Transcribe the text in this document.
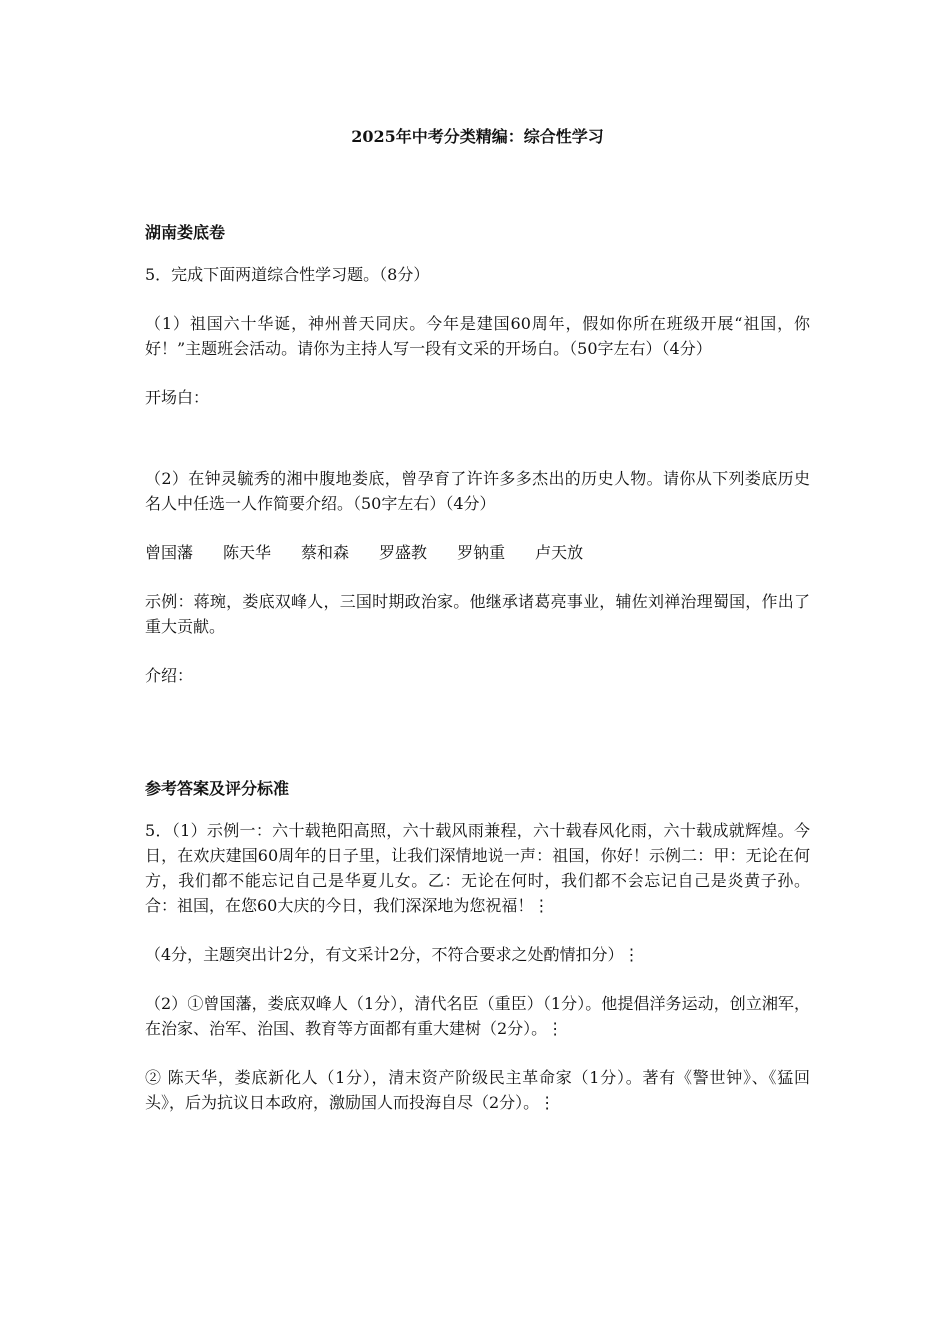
2025年中考分类精编：综合性学习
湖南娄底卷

5．完成下面两道综合性学习题。（8分）

（1）祖国六十华诞，神州普天同庆。今年是建国60周年，假如你所在班级开展“祖国，你好！”主题班会活动。请你为主持人写一段有文采的开场白。（50字左右）（4分）

开场白：

（2）在钟灵毓秀的湘中腹地娄底，曾孕育了许许多多杰出的历史人物。请你从下列娄底历史名人中任选一人作简要介绍。（50字左右）（4分）

曾国藩 陈天华 蔡和森 罗盛教 罗钠重 卢天放

示例：蒋琬，娄底双峰人，三国时期政治家。他继承诸葛亮事业，辅佐刘禅治理蜀国，作出了重大贡献。

介绍：

参考答案及评分标准

5．（1）示例一：六十载艳阳高照，六十载风雨兼程，六十载春风化雨，六十载成就辉煌。今日，在欢庆建国60周年的日子里，让我们深情地说一声：祖国，你好！示例二：甲：无论在何方，我们都不能忘记自己是华夏儿女。乙：无论在何时，我们都不会忘记自己是炎黄子孙。合：祖国，在您60大庆的今日，我们深深地为您祝福！⋮

（4分，主题突出计2分，有文采计2分，不符合要求之处酌情扣分）⋮

（2）①曾国藩，娄底双峰人（1分），清代名臣（重臣）（1分）。他提倡洋务运动，创立湘军，在治家、治军、治国、教育等方面都有重大建树（2分）。⋮

② 陈天华，娄底新化人（1分），清末资产阶级民主革命家（1分）。著有《警世钟》、《猛回头》，后为抗议日本政府，激励国人而投海自尽（2分）。⋮
